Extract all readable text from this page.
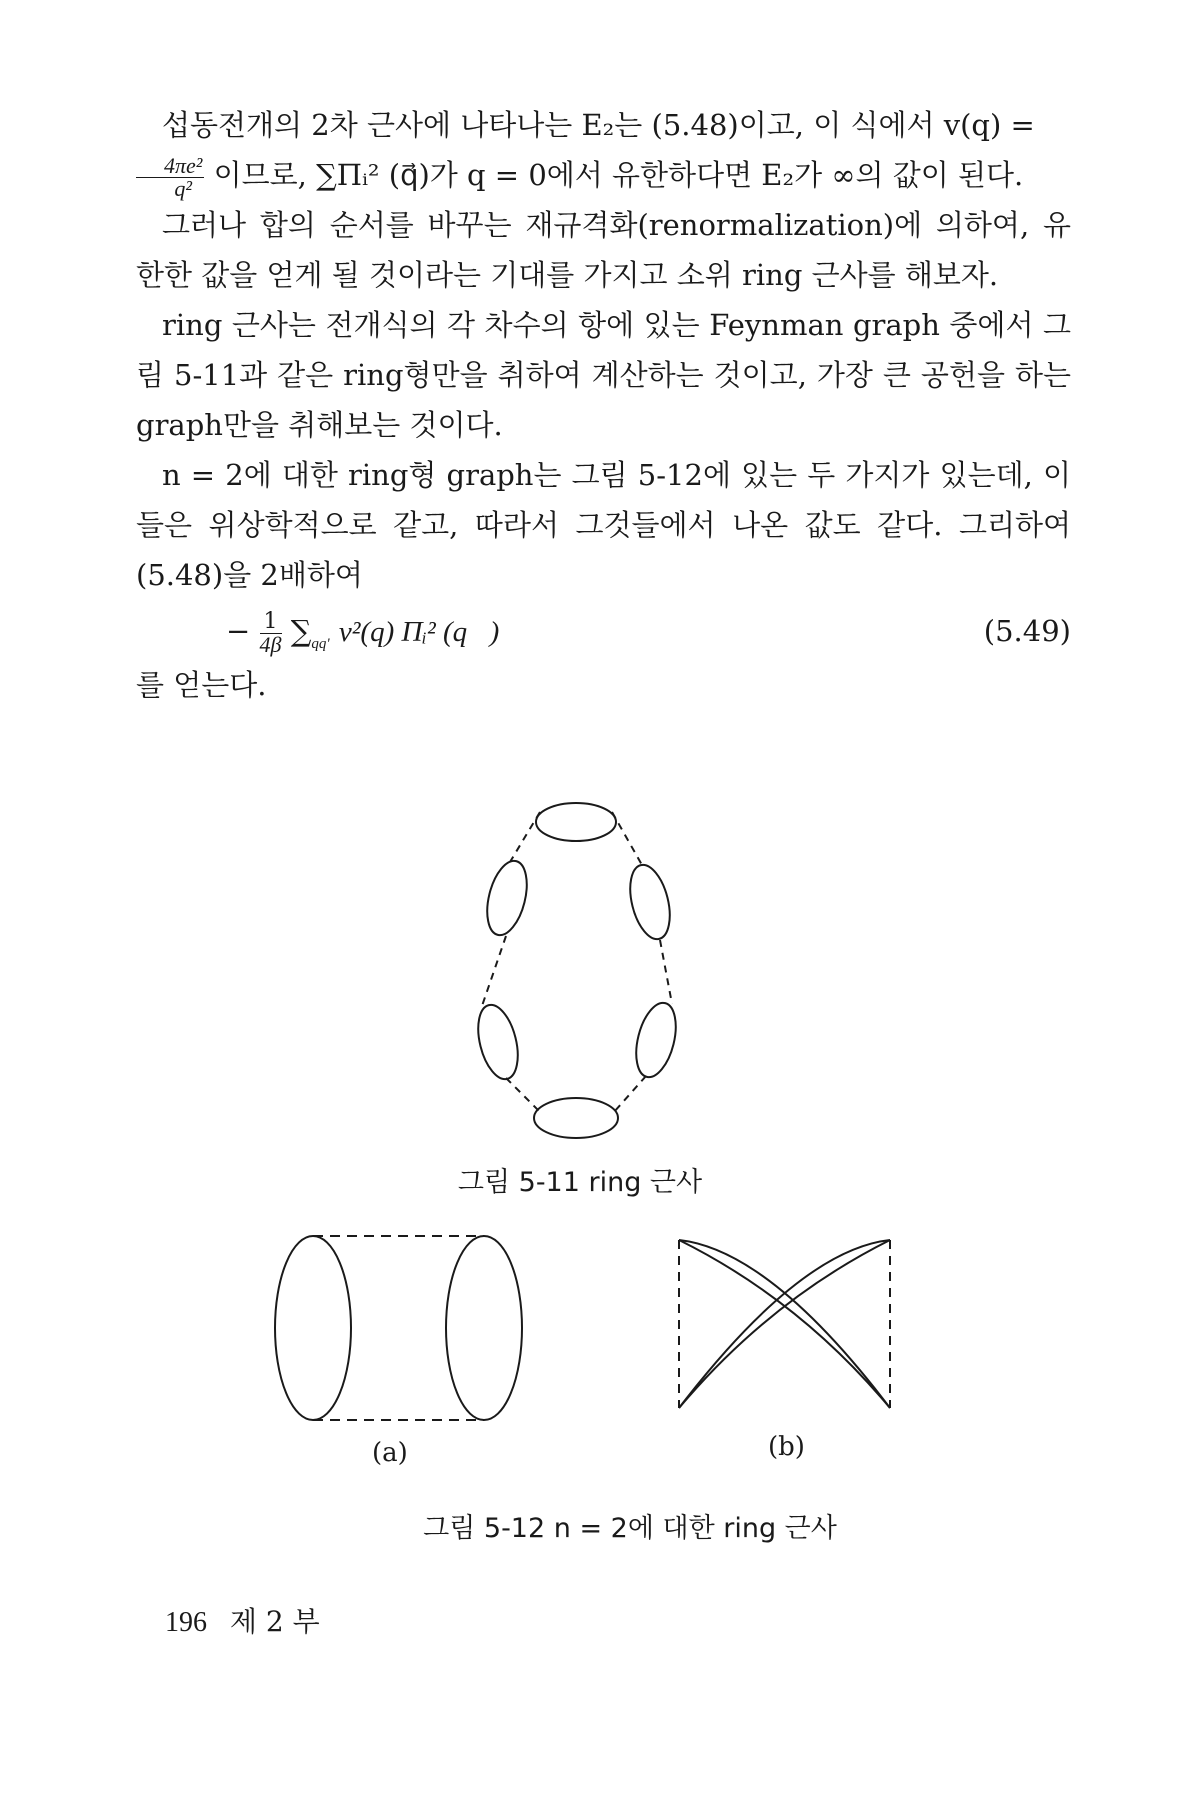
섭동전개의 2차 근사에 나타나는 E₂는 (5.48)이고, 이 식에서 v(q) =

$\frac{\text{4πe²}}{\text{q²}}$ 이므로, ∑Πᵢ² (q⃗)가 q = 0에서 유한하다면 E₂가 ∞의 값이 된다.

그러나 합의 순서를 바꾸는 재규격화(renormalization)에 의하여, 유한한 값을 얻게 될 것이라는 기대를 가지고 소위 ring 근사를 해보자.

ring 근사는 전개식의 각 차수의 항에 있는 Feynman graph 중에서 그림 5-11과 같은 ring형만을 취하여 계산하는 것이고, 가장 큰 공헌을 하는 graph만을 취해보는 것이다.

n = 2에 대한 ring형 graph는 그림 5-12에 있는 두 가지가 있는데, 이들은 위상학적으로 같고, 따라서 그것들에서 나온 값도 같다. 그리하여 (5.48)을 2배하여

− $\frac{1}{4\beta} \sum_{qq'}$ v²(q) Πᵢ² (q⃗)	(5.49)

를 얻는다.

그림 5-11 ring 근사
(a)	(b)
그림 5-12 n = 2에 대한 ring 근사
196 제 2 부
